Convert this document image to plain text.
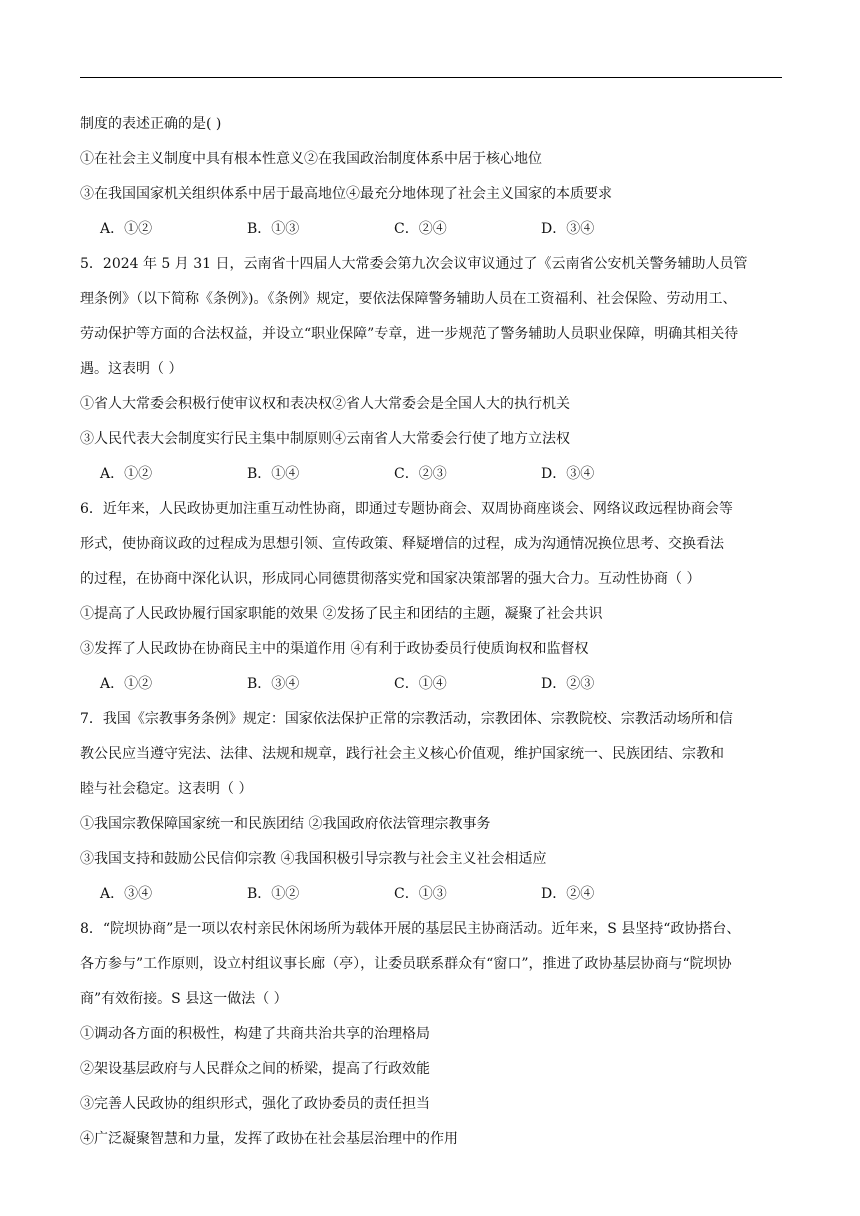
制度的表述正确的是( )
①在社会主义制度中具有根本性意义②在我国政治制度体系中居于核心地位
③在我国国家机关组织体系中居于最高地位④最充分地体现了社会主义国家的本质要求
A．①②	B．①③	C．②④	D．③④
5．2024 年 5 月 31 日，云南省十四届人大常委会第九次会议审议通过了《云南省公安机关警务辅助人员管
理条例》（以下简称《条例》)。《条例》规定，要依法保障警务辅助人员在工资福利、社会保险、劳动用工、
劳动保护等方面的合法权益，并设立“职业保障”专章，进一步规范了警务辅助人员职业保障，明确其相关待
遇。这表明（ ）
①省人大常委会积极行使审议权和表决权②省人大常委会是全国人大的执行机关
③人民代表大会制度实行民主集中制原则④云南省人大常委会行使了地方立法权
A．①②	B．①④	C．②③	D．③④
6．近年来，人民政协更加注重互动性协商，即通过专题协商会、双周协商座谈会、网络议政远程协商会等
形式，使协商议政的过程成为思想引领、宣传政策、释疑增信的过程，成为沟通情况换位思考、交换看法
的过程，在协商中深化认识，形成同心同德贯彻落实党和国家决策部署的强大合力。互动性协商（ ）
①提高了人民政协履行国家职能的效果 ②发扬了民主和团结的主题，凝聚了社会共识
③发挥了人民政协在协商民主中的渠道作用 ④有利于政协委员行使质询权和监督权
A．①②	B．③④	C．①④	D．②③
7．我国《宗教事务条例》规定：国家依法保护正常的宗教活动，宗教团体、宗教院校、宗教活动场所和信
教公民应当遵守宪法、法律、法规和规章，践行社会主义核心价值观，维护国家统一、民族团结、宗教和
睦与社会稳定。这表明（ ）
①我国宗教保障国家统一和民族团结 ②我国政府依法管理宗教事务
③我国支持和鼓励公民信仰宗教 ④我国积极引导宗教与社会主义社会相适应
A．③④	B．①②	C．①③	D．②④
8．“院坝协商”是一项以农村亲民休闲场所为载体开展的基层民主协商活动。近年来，S 县坚持“政协搭台、
各方参与”工作原则，设立村组议事长廊（亭），让委员联系群众有“窗口”，推进了政协基层协商与“院坝协
商”有效衔接。S 县这一做法（ ）
①调动各方面的积极性，构建了共商共治共享的治理格局
②架设基层政府与人民群众之间的桥梁，提高了行政效能
③完善人民政协的组织形式，强化了政协委员的责任担当
④广泛凝聚智慧和力量，发挥了政协在社会基层治理中的作用
